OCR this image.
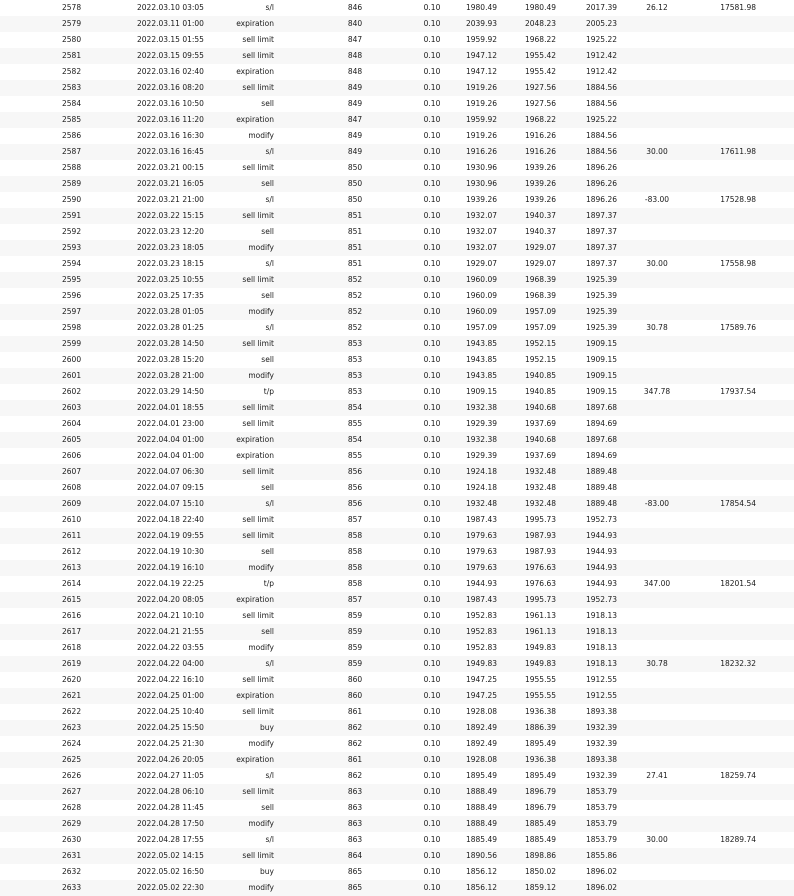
2578	2022.03.10 03:05	s/l	846	0.10	1980.49	1980.49	2017.39	26.12	17581.98
2579	2022.03.11 01:00	expiration	840	0.10	2039.93	2048.23	2005.23
2580	2022.03.15 01:55	sell limit	847	0.10	1959.92	1968.22	1925.22
2581	2022.03.15 09:55	sell limit	848	0.10	1947.12	1955.42	1912.42
2582	2022.03.16 02:40	expiration	848	0.10	1947.12	1955.42	1912.42
2583	2022.03.16 08:20	sell limit	849	0.10	1919.26	1927.56	1884.56
2584	2022.03.16 10:50	sell	849	0.10	1919.26	1927.56	1884.56
2585	2022.03.16 11:20	expiration	847	0.10	1959.92	1968.22	1925.22
2586	2022.03.16 16:30	modify	849	0.10	1919.26	1916.26	1884.56
2587	2022.03.16 16:45	s/l	849	0.10	1916.26	1916.26	1884.56	30.00	17611.98
2588	2022.03.21 00:15	sell limit	850	0.10	1930.96	1939.26	1896.26
2589	2022.03.21 16:05	sell	850	0.10	1930.96	1939.26	1896.26
2590	2022.03.21 21:00	s/l	850	0.10	1939.26	1939.26	1896.26	-83.00	17528.98
2591	2022.03.22 15:15	sell limit	851	0.10	1932.07	1940.37	1897.37
2592	2022.03.23 12:20	sell	851	0.10	1932.07	1940.37	1897.37
2593	2022.03.23 18:05	modify	851	0.10	1932.07	1929.07	1897.37
2594	2022.03.23 18:15	s/l	851	0.10	1929.07	1929.07	1897.37	30.00	17558.98
2595	2022.03.25 10:55	sell limit	852	0.10	1960.09	1968.39	1925.39
2596	2022.03.25 17:35	sell	852	0.10	1960.09	1968.39	1925.39
2597	2022.03.28 01:05	modify	852	0.10	1960.09	1957.09	1925.39
2598	2022.03.28 01:25	s/l	852	0.10	1957.09	1957.09	1925.39	30.78	17589.76
2599	2022.03.28 14:50	sell limit	853	0.10	1943.85	1952.15	1909.15
2600	2022.03.28 15:20	sell	853	0.10	1943.85	1952.15	1909.15
2601	2022.03.28 21:00	modify	853	0.10	1943.85	1940.85	1909.15
2602	2022.03.29 14:50	t/p	853	0.10	1909.15	1940.85	1909.15	347.78	17937.54
2603	2022.04.01 18:55	sell limit	854	0.10	1932.38	1940.68	1897.68
2604	2022.04.01 23:00	sell limit	855	0.10	1929.39	1937.69	1894.69
2605	2022.04.04 01:00	expiration	854	0.10	1932.38	1940.68	1897.68
2606	2022.04.04 01:00	expiration	855	0.10	1929.39	1937.69	1894.69
2607	2022.04.07 06:30	sell limit	856	0.10	1924.18	1932.48	1889.48
2608	2022.04.07 09:15	sell	856	0.10	1924.18	1932.48	1889.48
2609	2022.04.07 15:10	s/l	856	0.10	1932.48	1932.48	1889.48	-83.00	17854.54
2610	2022.04.18 22:40	sell limit	857	0.10	1987.43	1995.73	1952.73
2611	2022.04.19 09:55	sell limit	858	0.10	1979.63	1987.93	1944.93
2612	2022.04.19 10:30	sell	858	0.10	1979.63	1987.93	1944.93
2613	2022.04.19 16:10	modify	858	0.10	1979.63	1976.63	1944.93
2614	2022.04.19 22:25	t/p	858	0.10	1944.93	1976.63	1944.93	347.00	18201.54
2615	2022.04.20 08:05	expiration	857	0.10	1987.43	1995.73	1952.73
2616	2022.04.21 10:10	sell limit	859	0.10	1952.83	1961.13	1918.13
2617	2022.04.21 21:55	sell	859	0.10	1952.83	1961.13	1918.13
2618	2022.04.22 03:55	modify	859	0.10	1952.83	1949.83	1918.13
2619	2022.04.22 04:00	s/l	859	0.10	1949.83	1949.83	1918.13	30.78	18232.32
2620	2022.04.22 16:10	sell limit	860	0.10	1947.25	1955.55	1912.55
2621	2022.04.25 01:00	expiration	860	0.10	1947.25	1955.55	1912.55
2622	2022.04.25 10:40	sell limit	861	0.10	1928.08	1936.38	1893.38
2623	2022.04.25 15:50	buy	862	0.10	1892.49	1886.39	1932.39
2624	2022.04.25 21:30	modify	862	0.10	1892.49	1895.49	1932.39
2625	2022.04.26 20:05	expiration	861	0.10	1928.08	1936.38	1893.38
2626	2022.04.27 11:05	s/l	862	0.10	1895.49	1895.49	1932.39	27.41	18259.74
2627	2022.04.28 06:10	sell limit	863	0.10	1888.49	1896.79	1853.79
2628	2022.04.28 11:45	sell	863	0.10	1888.49	1896.79	1853.79
2629	2022.04.28 17:50	modify	863	0.10	1888.49	1885.49	1853.79
2630	2022.04.28 17:55	s/l	863	0.10	1885.49	1885.49	1853.79	30.00	18289.74
2631	2022.05.02 14:15	sell limit	864	0.10	1890.56	1898.86	1855.86
2632	2022.05.02 16:50	buy	865	0.10	1856.12	1850.02	1896.02
2633	2022.05.02 22:30	modify	865	0.10	1856.12	1859.12	1896.02
